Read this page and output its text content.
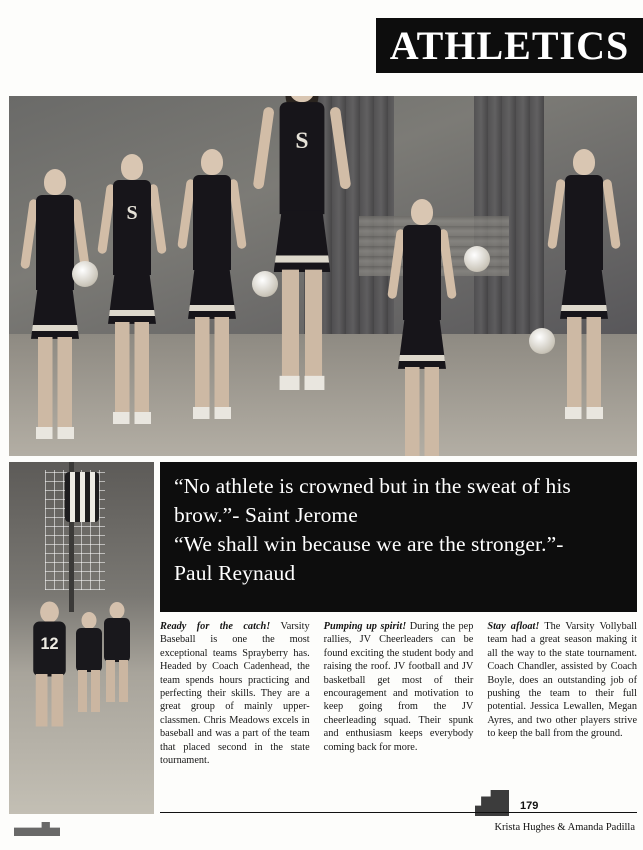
ATHLETICS
S
S
12
“No athlete is crowned but in the sweat of his
brow.”- Saint Jerome
“We shall win because we are the stronger.”-
Paul Reynaud
Ready for the catch! Varsity Baseball is one the most exceptional teams Sprayberry has. Headed by Coach Cadenhead, the team spends hours practicing and perfecting their skills. They are a great group of mainly upper-classmen. Chris Meadows excels in baseball and was a part of the team that placed second in the state tournament.
Pumping up spirit! During the pep rallies, JV Cheerleaders can be found exciting the student body and raising the roof. JV football and JV basketball get most of their encouragement and motivation to keep going from the JV cheerleading squad. Their spunk and enthusiasm keeps everybody coming back for more.
Stay afloat! The Varsity Vollyball team had a great season making it all the way to the state tournament. Coach Chandler, assisted by Coach Boyle, does an outstanding job of pushing the team to their full potential. Jessica Lewallen, Megan Ayres, and two other players strive to keep the ball from the ground.
179
Krista Hughes & Amanda Padilla
